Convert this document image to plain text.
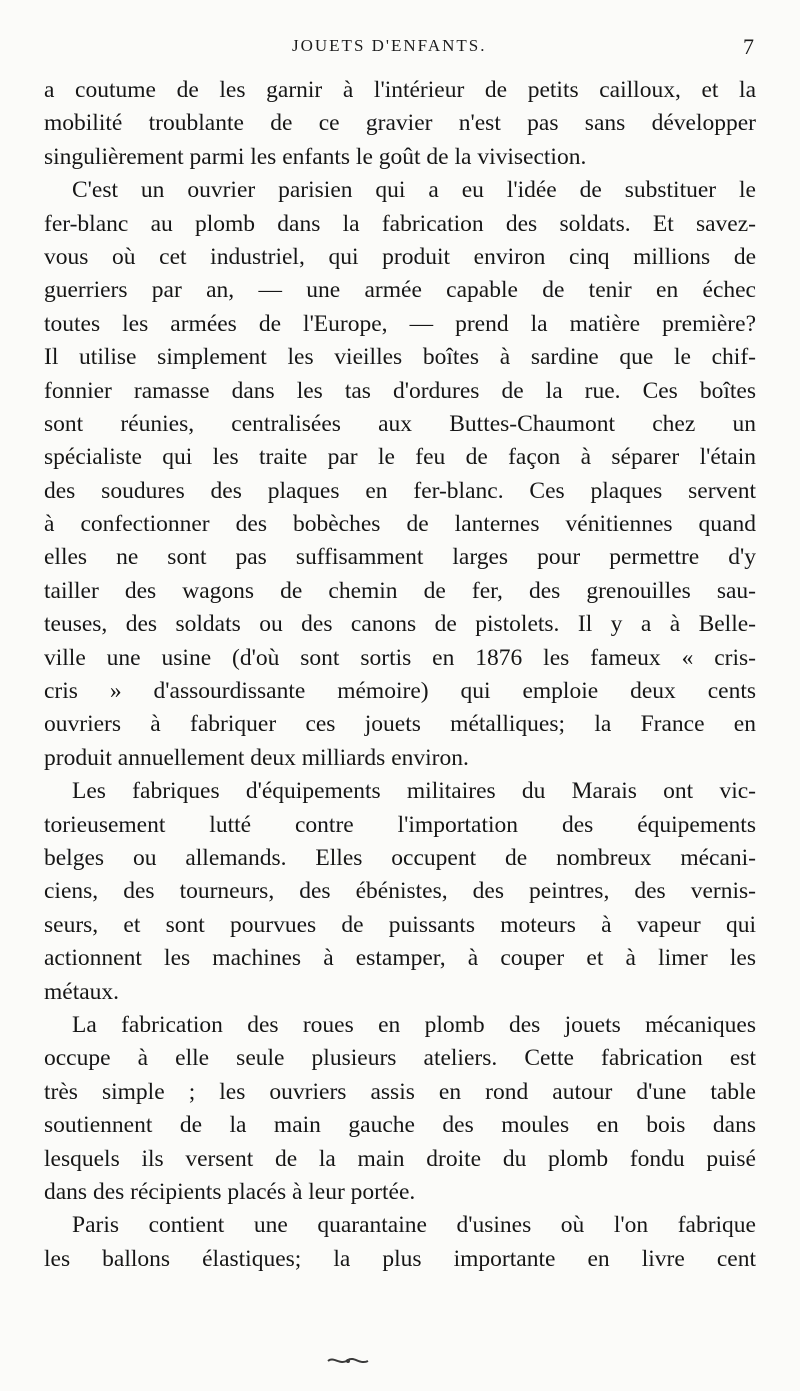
JOUETS D'ENFANTS.	7
a coutume de les garnir à l'intérieur de petits cailloux, et la
mobilité troublante de ce gravier n'est pas sans développer
singulièrement parmi les enfants le goût de la vivisection.
C'est un ouvrier parisien qui a eu l'idée de substituer le
fer-blanc au plomb dans la fabrication des soldats. Et savez-
vous où cet industriel, qui produit environ cinq millions de
guerriers par an, — une armée capable de tenir en échec
toutes les armées de l'Europe, — prend la matière première?
Il utilise simplement les vieilles boîtes à sardine que le chif-
fonnier ramasse dans les tas d'ordures de la rue. Ces boîtes
sont réunies, centralisées aux Buttes-Chaumont chez un
spécialiste qui les traite par le feu de façon à séparer l'étain
des soudures des plaques en fer-blanc. Ces plaques servent
à confectionner des bobèches de lanternes vénitiennes quand
elles ne sont pas suffisamment larges pour permettre d'y
tailler des wagons de chemin de fer, des grenouilles sau-
teuses, des soldats ou des canons de pistolets. Il y a à Belle-
ville une usine (d'où sont sortis en 1876 les fameux « cris-
cris » d'assourdissante mémoire) qui emploie deux cents
ouvriers à fabriquer ces jouets métalliques; la France en
produit annuellement deux milliards environ.
Les fabriques d'équipements militaires du Marais ont vic-
torieusement lutté contre l'importation des équipements
belges ou allemands. Elles occupent de nombreux mécani-
ciens, des tourneurs, des ébénistes, des peintres, des vernis-
seurs, et sont pourvues de puissants moteurs à vapeur qui
actionnent les machines à estamper, à couper et à limer les
métaux.
La fabrication des roues en plomb des jouets mécaniques
occupe à elle seule plusieurs ateliers. Cette fabrication est
très simple ; les ouvriers assis en rond autour d'une table
soutiennent de la main gauche des moules en bois dans
lesquels ils versent de la main droite du plomb fondu puisé
dans des récipients placés à leur portée.
Paris contient une quarantaine d'usines où l'on fabrique
les ballons élastiques; la plus importante en livre cent
